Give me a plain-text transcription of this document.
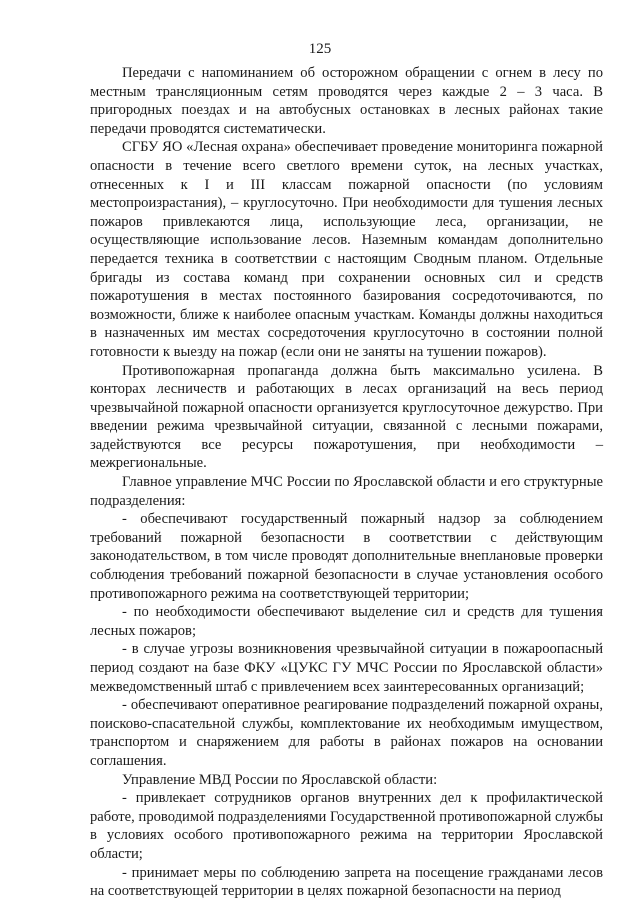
125

Передачи с напоминанием об осторожном обращении с огнем в лесу по местным трансляционным сетям проводятся через каждые 2 – 3 часа. В пригородных поездах и на автобусных остановках в лесных районах такие передачи проводятся систематически.

СГБУ ЯО «Лесная охрана» обеспечивает проведение мониторинга пожарной опасности в течение всего светлого времени суток, на лесных участках, отнесенных к I и III классам пожарной опасности (по условиям местопроизрастания), – круглосуточно. При необходимости для тушения лесных пожаров привлекаются лица, использующие леса, организации, не осуществляющие использование лесов. Наземным командам дополнительно передается техника в соответствии с настоящим Сводным планом. Отдельные бригады из состава команд при сохранении основных сил и средств пожаротушения в местах постоянного базирования сосредоточиваются, по возможности, ближе к наиболее опасным участкам. Команды должны находиться в назначенных им местах сосредоточения круглосуточно в состоянии полной готовности к выезду на пожар (если они не заняты на тушении пожаров).

Противопожарная пропаганда должна быть максимально усилена. В конторах лесничеств и работающих в лесах организаций на весь период чрезвычайной пожарной опасности организуется круглосуточное дежурство. При введении режима чрезвычайной ситуации, связанной с лесными пожарами, задействуются все ресурсы пожаротушения, при необходимости – межрегиональные.

Главное управление МЧС России по Ярославской области и его структурные подразделения:

- обеспечивают государственный пожарный надзор за соблюдением требований пожарной безопасности в соответствии с действующим законодательством, в том числе проводят дополнительные внеплановые проверки соблюдения требований пожарной безопасности в случае установления особого противопожарного режима на соответствующей территории;

- по необходимости обеспечивают выделение сил и средств для тушения лесных пожаров;

- в случае угрозы возникновения чрезвычайной ситуации в пожароопасный период создают на базе ФКУ «ЦУКС ГУ МЧС России по Ярославской области» межведомственный штаб с привлечением всех заинтересованных организаций;

- обеспечивают оперативное реагирование подразделений пожарной охраны, поисково-спасательной службы, комплектование их необходимым имуществом, транспортом и снаряжением для работы в районах пожаров на основании соглашения.

Управление МВД России по Ярославской области:

- привлекает сотрудников органов внутренних дел к профилактической работе, проводимой подразделениями Государственной противопожарной службы в условиях особого противопожарного режима на территории Ярославской области;

- принимает меры по соблюдению запрета на посещение гражданами лесов на соответствующей территории в целях пожарной безопасности на период
